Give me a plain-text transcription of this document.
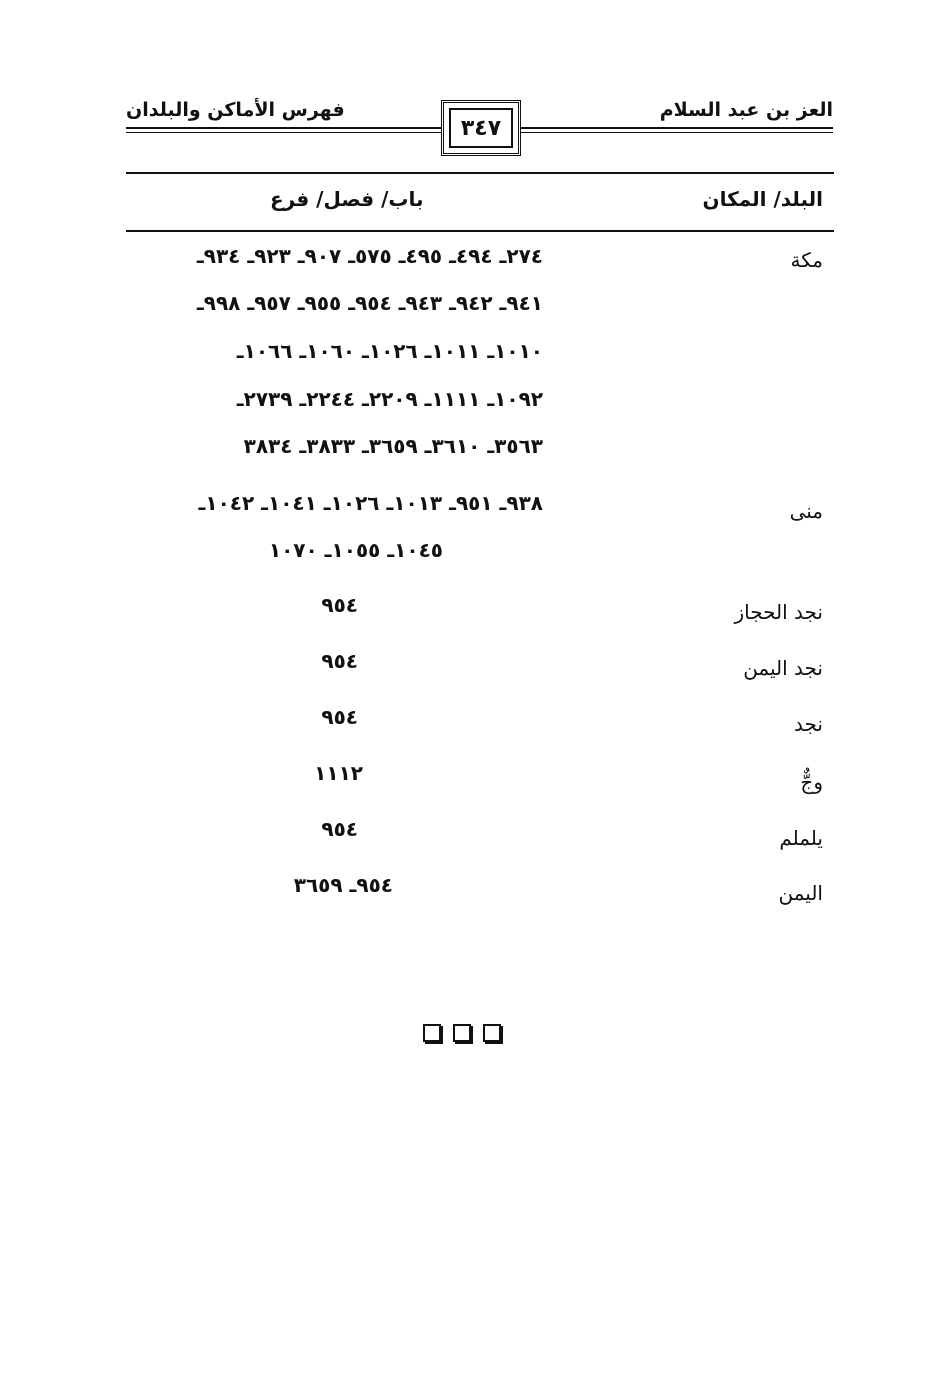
العز بن عبد السلام
فهرس الأماكن والبلدان
٣٤٧
البلد/ المكان
باب/ فصل/ فرع
مكة
٢٧٤ـ ٤٩٤ـ ٤٩٥ـ ٥٧٥ـ ٩٠٧ـ ٩٢٣ـ ٩٣٤ـ
٩٤١ـ ٩٤٢ـ ٩٤٣ـ ٩٥٤ـ ٩٥٥ـ ٩٥٧ـ ٩٩٨ـ
١٠١٠ـ ١٠١١ـ ١٠٢٦ـ ١٠٦٠ـ ١٠٦٦ـ
١٠٩٢ـ ١١١١ـ ٢٢٠٩ـ ٢٢٤٤ـ ٢٧٣٩ـ
٣٥٦٣ـ ٣٦١٠ـ ٣٦٥٩ـ ٣٨٣٣ـ ٣٨٣٤
منى
٩٣٨ـ ٩٥١ـ ١٠١٣ـ ١٠٢٦ـ ١٠٤١ـ ١٠٤٢ـ
١٠٤٥ـ ١٠٥٥ـ ١٠٧٠
نجد الحجاز
٩٥٤
نجد اليمن
٩٥٤
نجد
٩٥٤
وجٌّ
١١١٢
يلملم
٩٥٤
اليمن
٩٥٤ـ ٣٦٥٩
